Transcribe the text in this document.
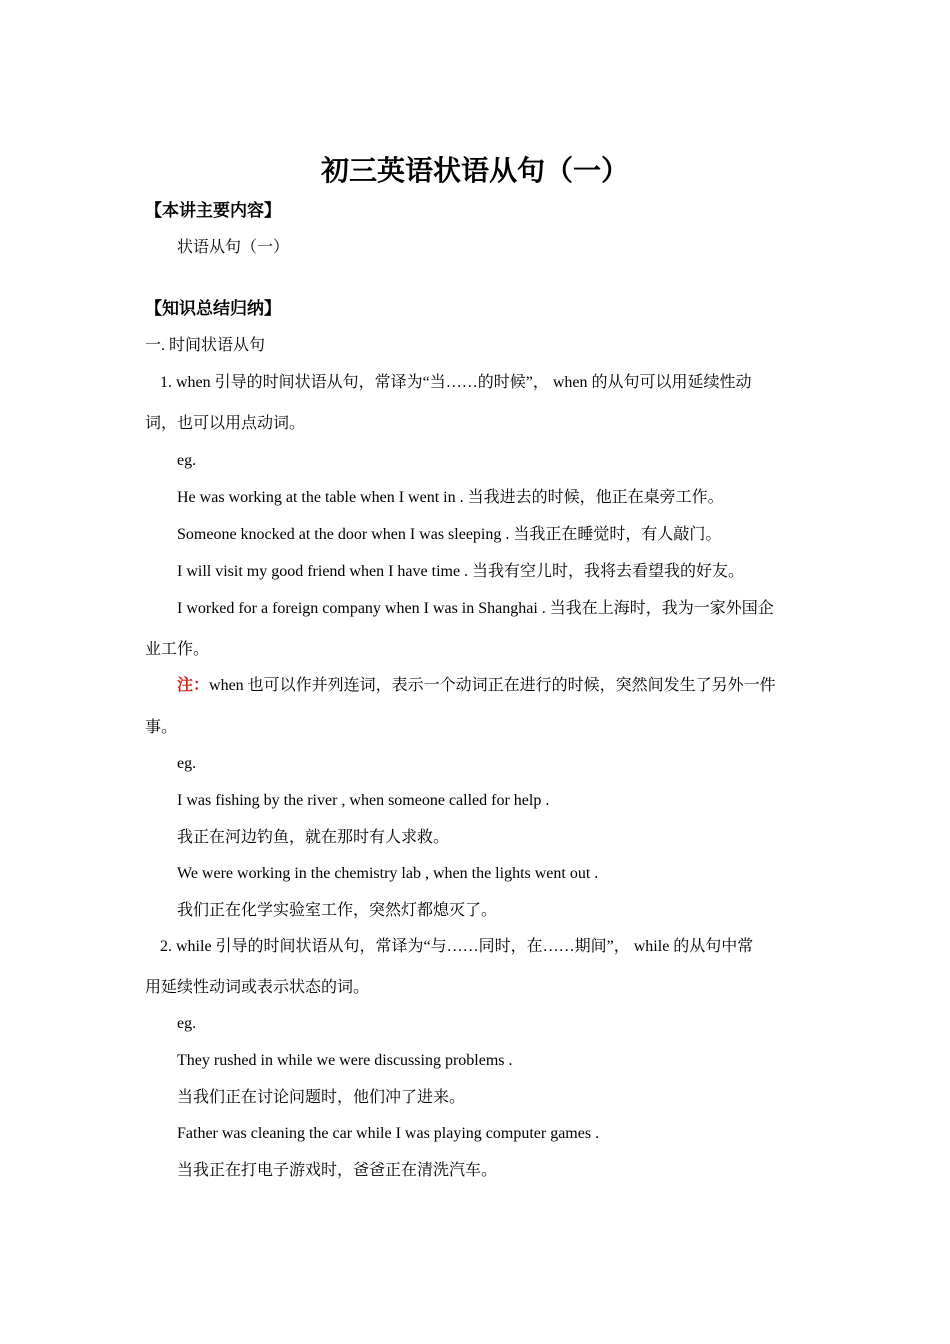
初三英语状语从句（一）
【本讲主要内容】
状语从句（一）
【知识总结归纳】
一. 时间状语从句
1. when 引导的时间状语从句，常译为“当……的时候”， when 的从句可以用延续性动
词，也可以用点动词。
eg.
He was working at the table when I went in . 当我进去的时候，他正在桌旁工作。
Someone knocked at the door when I was sleeping . 当我正在睡觉时，有人敲门。
I will visit my good friend when I have time . 当我有空儿时，我将去看望我的好友。
I worked for a foreign company when I was in Shanghai . 当我在上海时，我为一家外国企
业工作。
注：when 也可以作并列连词，表示一个动词正在进行的时候，突然间发生了另外一件
事。
eg.
I was fishing by the river , when someone called for help .
我正在河边钓鱼，就在那时有人求救。
We were working in the chemistry lab , when the lights went out .
我们正在化学实验室工作，突然灯都熄灭了。
2. while 引导的时间状语从句，常译为“与……同时，在……期间”， while 的从句中常
用延续性动词或表示状态的词。
eg.
They rushed in while we were discussing problems .
当我们正在讨论问题时，他们冲了进来。
Father was cleaning the car while I was playing computer games .
当我正在打电子游戏时，爸爸正在清洗汽车。
